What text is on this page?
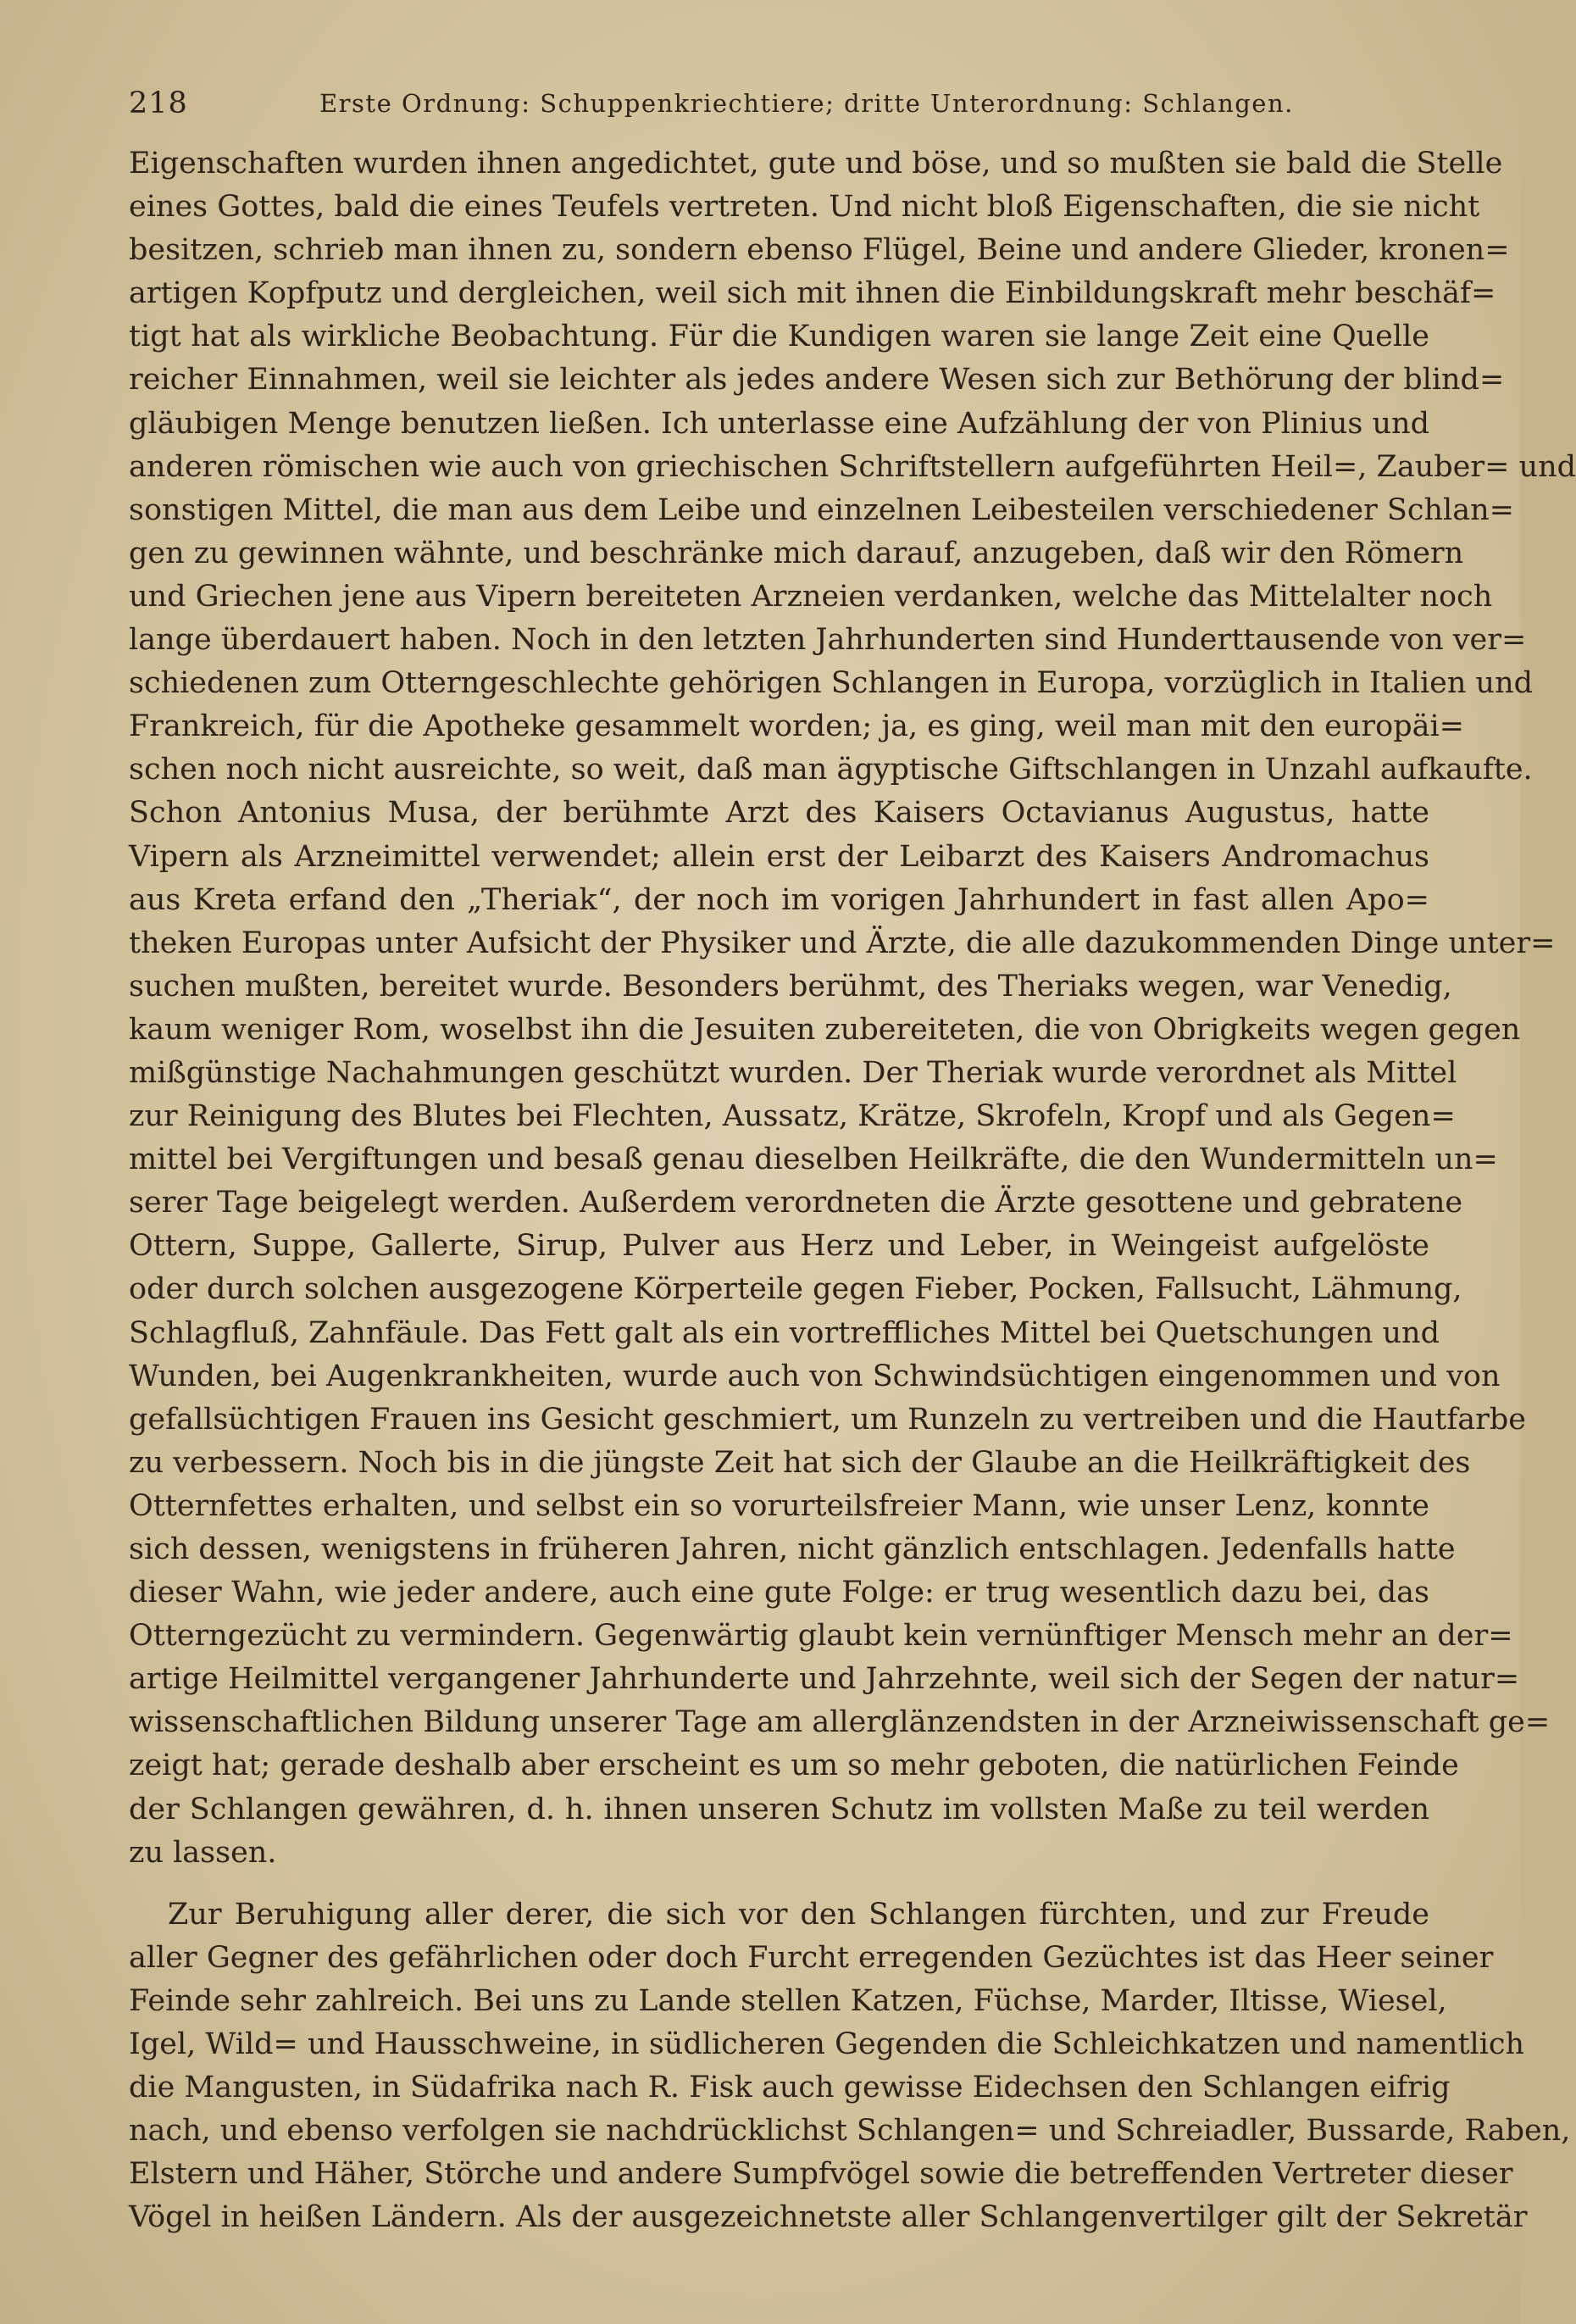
218	Erste Ordnung: Schuppenkriechtiere; dritte Unterordnung: Schlangen.
Eigenschaften wurden ihnen angedichtet, gute und böse, und so mußten sie bald die Stelle
eines Gottes, bald die eines Teufels vertreten. Und nicht bloß Eigenschaften, die sie nicht
besitzen, schrieb man ihnen zu, sondern ebenso Flügel, Beine und andere Glieder, kronen=
artigen Kopfputz und dergleichen, weil sich mit ihnen die Einbildungskraft mehr beschäf=
tigt hat als wirkliche Beobachtung. Für die Kundigen waren sie lange Zeit eine Quelle
reicher Einnahmen, weil sie leichter als jedes andere Wesen sich zur Bethörung der blind=
gläubigen Menge benutzen ließen. Ich unterlasse eine Aufzählung der von Plinius und
anderen römischen wie auch von griechischen Schriftstellern aufgeführten Heil=, Zauber= und
sonstigen Mittel, die man aus dem Leibe und einzelnen Leibesteilen verschiedener Schlan=
gen zu gewinnen wähnte, und beschränke mich darauf, anzugeben, daß wir den Römern
und Griechen jene aus Vipern bereiteten Arzneien verdanken, welche das Mittelalter noch
lange überdauert haben. Noch in den letzten Jahrhunderten sind Hunderttausende von ver=
schiedenen zum Otterngeschlechte gehörigen Schlangen in Europa, vorzüglich in Italien und
Frankreich, für die Apotheke gesammelt worden; ja, es ging, weil man mit den europäi=
schen noch nicht ausreichte, so weit, daß man ägyptische Giftschlangen in Unzahl aufkaufte.
Schon Antonius Musa, der berühmte Arzt des Kaisers Octavianus Augustus, hatte
Vipern als Arzneimittel verwendet; allein erst der Leibarzt des Kaisers Andromachus
aus Kreta erfand den „Theriak“, der noch im vorigen Jahrhundert in fast allen Apo=
theken Europas unter Aufsicht der Physiker und Ärzte, die alle dazukommenden Dinge unter=
suchen mußten, bereitet wurde. Besonders berühmt, des Theriaks wegen, war Venedig,
kaum weniger Rom, woselbst ihn die Jesuiten zubereiteten, die von Obrigkeits wegen gegen
mißgünstige Nachahmungen geschützt wurden. Der Theriak wurde verordnet als Mittel
zur Reinigung des Blutes bei Flechten, Aussatz, Krätze, Skrofeln, Kropf und als Gegen=
mittel bei Vergiftungen und besaß genau dieselben Heilkräfte, die den Wundermitteln un=
serer Tage beigelegt werden. Außerdem verordneten die Ärzte gesottene und gebratene
Ottern, Suppe, Gallerte, Sirup, Pulver aus Herz und Leber, in Weingeist aufgelöste
oder durch solchen ausgezogene Körperteile gegen Fieber, Pocken, Fallsucht, Lähmung,
Schlagfluß, Zahnfäule. Das Fett galt als ein vortreffliches Mittel bei Quetschungen und
Wunden, bei Augenkrankheiten, wurde auch von Schwindsüchtigen eingenommen und von
gefallsüchtigen Frauen ins Gesicht geschmiert, um Runzeln zu vertreiben und die Hautfarbe
zu verbessern. Noch bis in die jüngste Zeit hat sich der Glaube an die Heilkräftigkeit des
Otternfettes erhalten, und selbst ein so vorurteilsfreier Mann, wie unser Lenz, konnte
sich dessen, wenigstens in früheren Jahren, nicht gänzlich entschlagen. Jedenfalls hatte
dieser Wahn, wie jeder andere, auch eine gute Folge: er trug wesentlich dazu bei, das
Otterngezücht zu vermindern. Gegenwärtig glaubt kein vernünftiger Mensch mehr an der=
artige Heilmittel vergangener Jahrhunderte und Jahrzehnte, weil sich der Segen der natur=
wissenschaftlichen Bildung unserer Tage am allerglänzendsten in der Arzneiwissenschaft ge=
zeigt hat; gerade deshalb aber erscheint es um so mehr geboten, die natürlichen Feinde
der Schlangen gewähren, d. h. ihnen unseren Schutz im vollsten Maße zu teil werden
zu lassen.
Zur Beruhigung aller derer, die sich vor den Schlangen fürchten, und zur Freude
aller Gegner des gefährlichen oder doch Furcht erregenden Gezüchtes ist das Heer seiner
Feinde sehr zahlreich. Bei uns zu Lande stellen Katzen, Füchse, Marder, Iltisse, Wiesel,
Igel, Wild= und Hausschweine, in südlicheren Gegenden die Schleichkatzen und namentlich
die Mangusten, in Südafrika nach R. Fisk auch gewisse Eidechsen den Schlangen eifrig
nach, und ebenso verfolgen sie nachdrücklichst Schlangen= und Schreiadler, Bussarde, Raben,
Elstern und Häher, Störche und andere Sumpfvögel sowie die betreffenden Vertreter dieser
Vögel in heißen Ländern. Als der ausgezeichnetste aller Schlangenvertilger gilt der Sekretär
